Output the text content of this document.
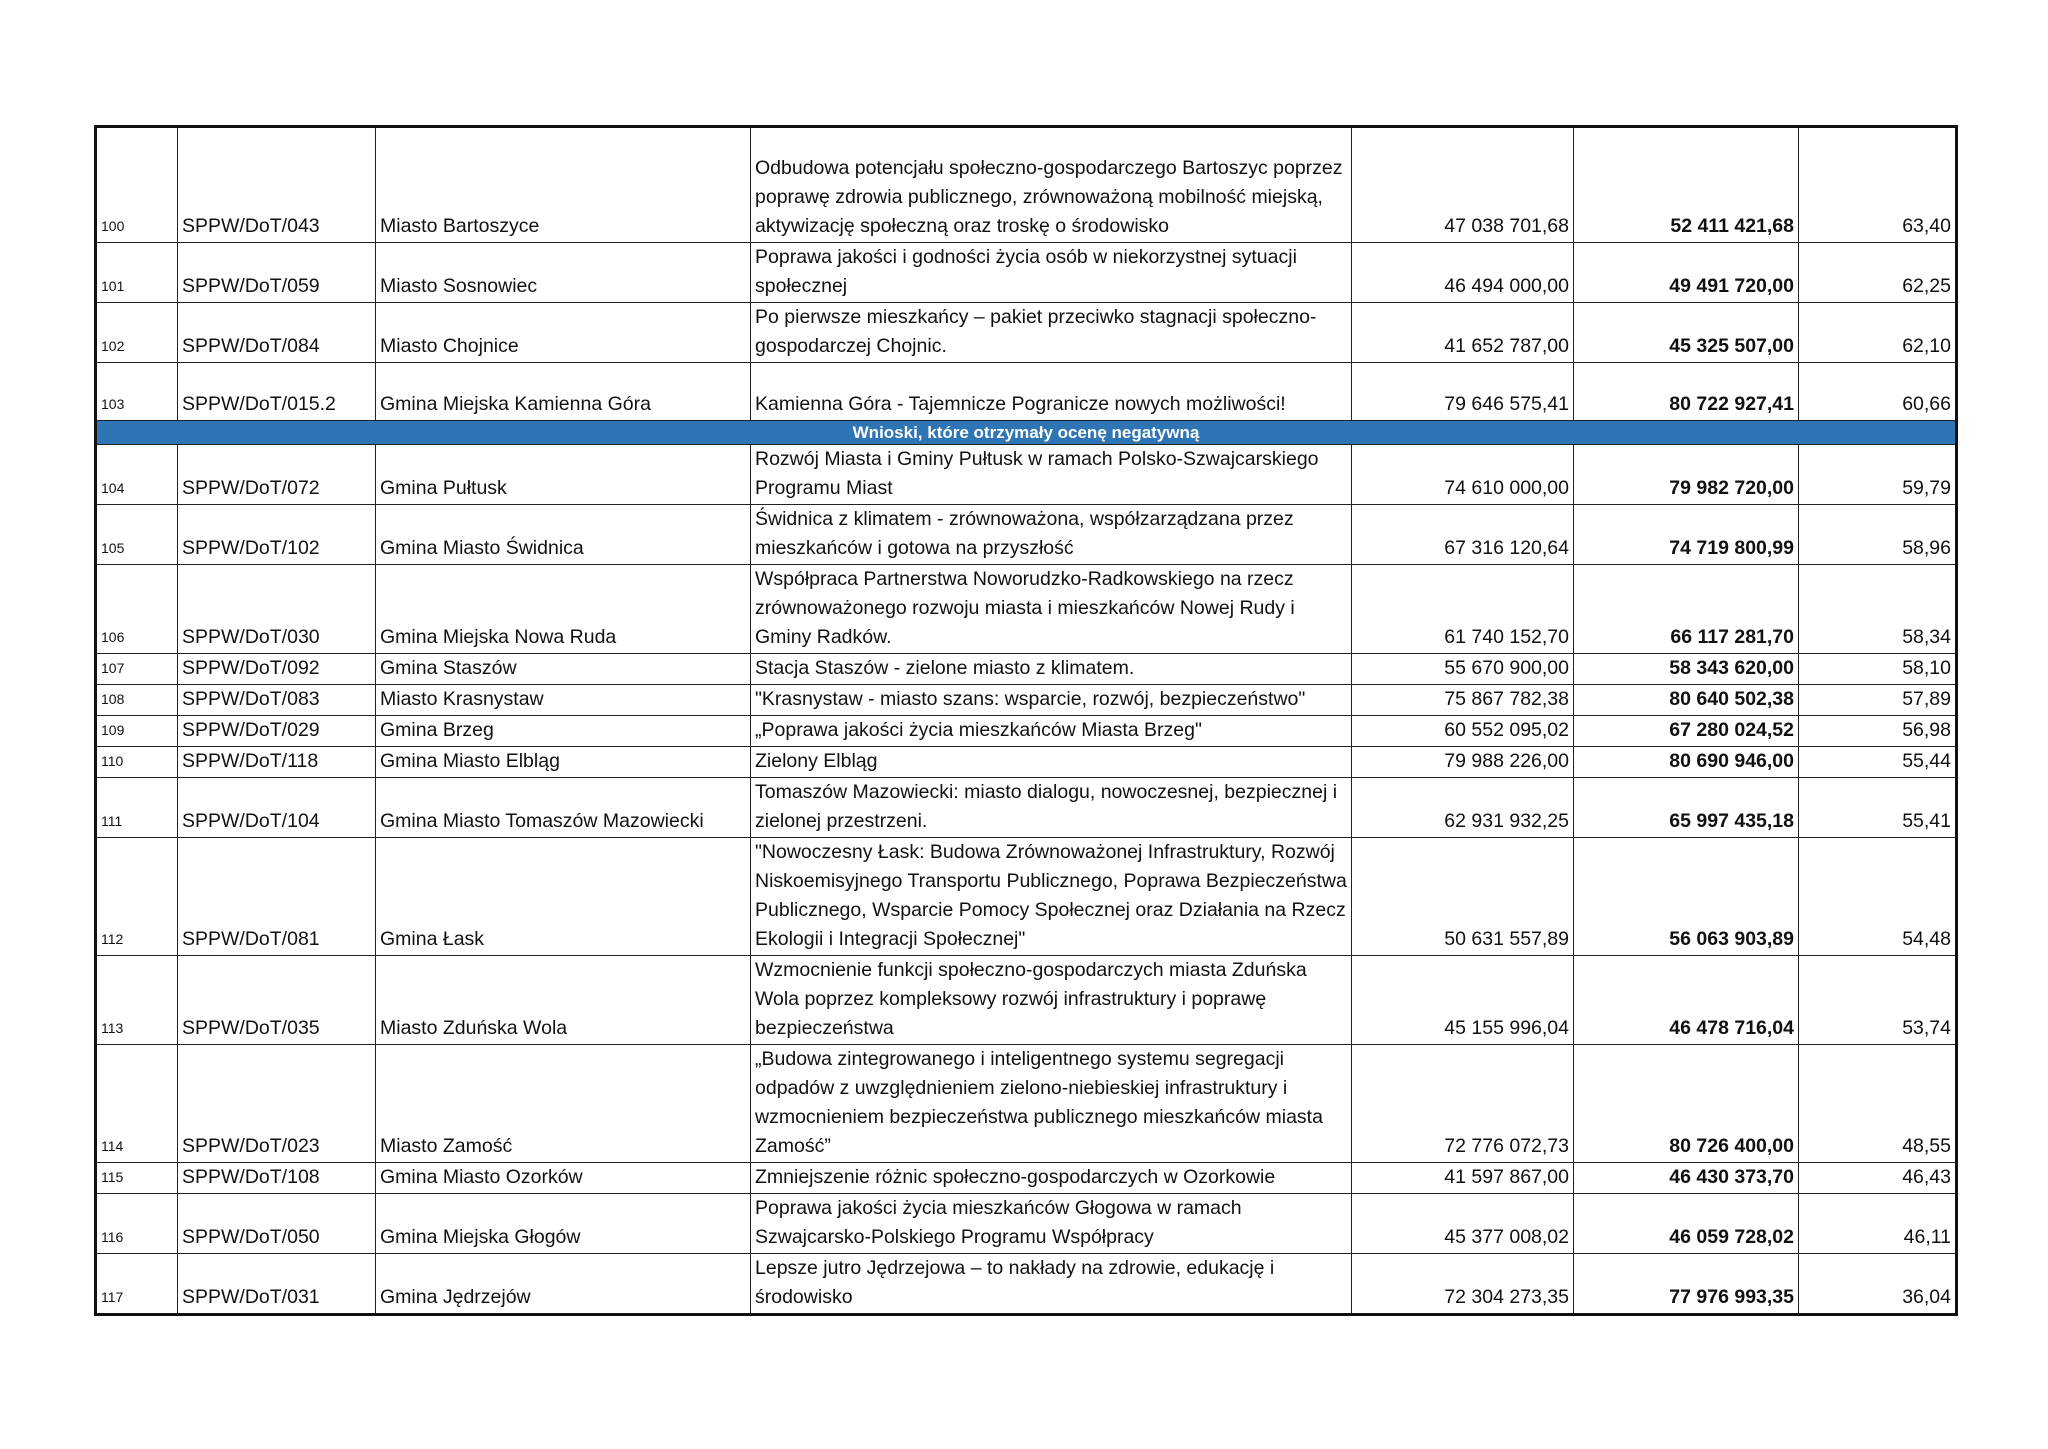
100	SPPW/DoT/043	Miasto Bartoszyce	Odbudowa potencjału społeczno-gospodarczego Bartoszyc poprzez poprawę zdrowia publicznego, zrównoważoną mobilność miejską, aktywizację społeczną oraz troskę o środowisko	47 038 701,68	52 411 421,68	63,40
101	SPPW/DoT/059	Miasto Sosnowiec	Poprawa jakości i godności życia osób w niekorzystnej sytuacji społecznej	46 494 000,00	49 491 720,00	62,25
102	SPPW/DoT/084	Miasto Chojnice	Po pierwsze mieszkańcy – pakiet przeciwko stagnacji społeczno-gospodarczej Chojnic.	41 652 787,00	45 325 507,00	62,10
103	SPPW/DoT/015.2	Gmina Miejska Kamienna Góra	Kamienna Góra - Tajemnicze Pogranicze nowych możliwości!	79 646 575,41	80 722 927,41	60,66
Wnioski, które otrzymały ocenę negatywną						
104	SPPW/DoT/072	Gmina Pułtusk	Rozwój Miasta i Gminy Pułtusk w ramach Polsko-Szwajcarskiego Programu Miast	74 610 000,00	79 982 720,00	59,79
105	SPPW/DoT/102	Gmina Miasto Świdnica	Świdnica z klimatem - zrównoważona, współzarządzana przez mieszkańców i gotowa na przyszłość	67 316 120,64	74 719 800,99	58,96
106	SPPW/DoT/030	Gmina Miejska Nowa Ruda	Współpraca Partnerstwa Noworudzko-Radkowskiego na rzecz zrównoważonego rozwoju miasta i mieszkańców Nowej Rudy i Gminy Radków.	61 740 152,70	66 117 281,70	58,34
107	SPPW/DoT/092	Gmina Staszów	Stacja Staszów - zielone miasto z klimatem.	55 670 900,00	58 343 620,00	58,10
108	SPPW/DoT/083	Miasto Krasnystaw	"Krasnystaw - miasto szans: wsparcie, rozwój, bezpieczeństwo"	75 867 782,38	80 640 502,38	57,89
109	SPPW/DoT/029	Gmina Brzeg	„Poprawa jakości życia mieszkańców Miasta Brzeg"	60 552 095,02	67 280 024,52	56,98
110	SPPW/DoT/118	Gmina Miasto Elbląg	Zielony Elbląg	79 988 226,00	80 690 946,00	55,44
111	SPPW/DoT/104	Gmina Miasto Tomaszów Mazowiecki	Tomaszów Mazowiecki: miasto dialogu, nowoczesnej, bezpiecznej i zielonej przestrzeni.	62 931 932,25	65 997 435,18	55,41
112	SPPW/DoT/081	Gmina Łask	"Nowoczesny Łask: Budowa Zrównoważonej Infrastruktury, Rozwój Niskoemisyjnego Transportu Publicznego, Poprawa Bezpieczeństwa Publicznego, Wsparcie Pomocy Społecznej oraz Działania na Rzecz Ekologii i Integracji Społecznej"	50 631 557,89	56 063 903,89	54,48
113	SPPW/DoT/035	Miasto Zduńska Wola	Wzmocnienie funkcji społeczno-gospodarczych miasta Zduńska Wola poprzez kompleksowy rozwój infrastruktury i poprawę bezpieczeństwa	45 155 996,04	46 478 716,04	53,74
114	SPPW/DoT/023	Miasto Zamość	„Budowa zintegrowanego i inteligentnego systemu segregacji odpadów z uwzględnieniem zielono-niebieskiej infrastruktury i wzmocnieniem bezpieczeństwa publicznego mieszkańców miasta Zamość”	72 776 072,73	80 726 400,00	48,55
115	SPPW/DoT/108	Gmina Miasto Ozorków	Zmniejszenie różnic społeczno-gospodarczych w Ozorkowie	41 597 867,00	46 430 373,70	46,43
116	SPPW/DoT/050	Gmina Miejska Głogów	Poprawa jakości życia mieszkańców Głogowa w ramach Szwajcarsko-Polskiego Programu Współpracy	45 377 008,02	46 059 728,02	46,11
117	SPPW/DoT/031	Gmina Jędrzejów	Lepsze jutro Jędrzejowa – to nakłady na zdrowie, edukację i środowisko	72 304 273,35	77 976 993,35	36,04
